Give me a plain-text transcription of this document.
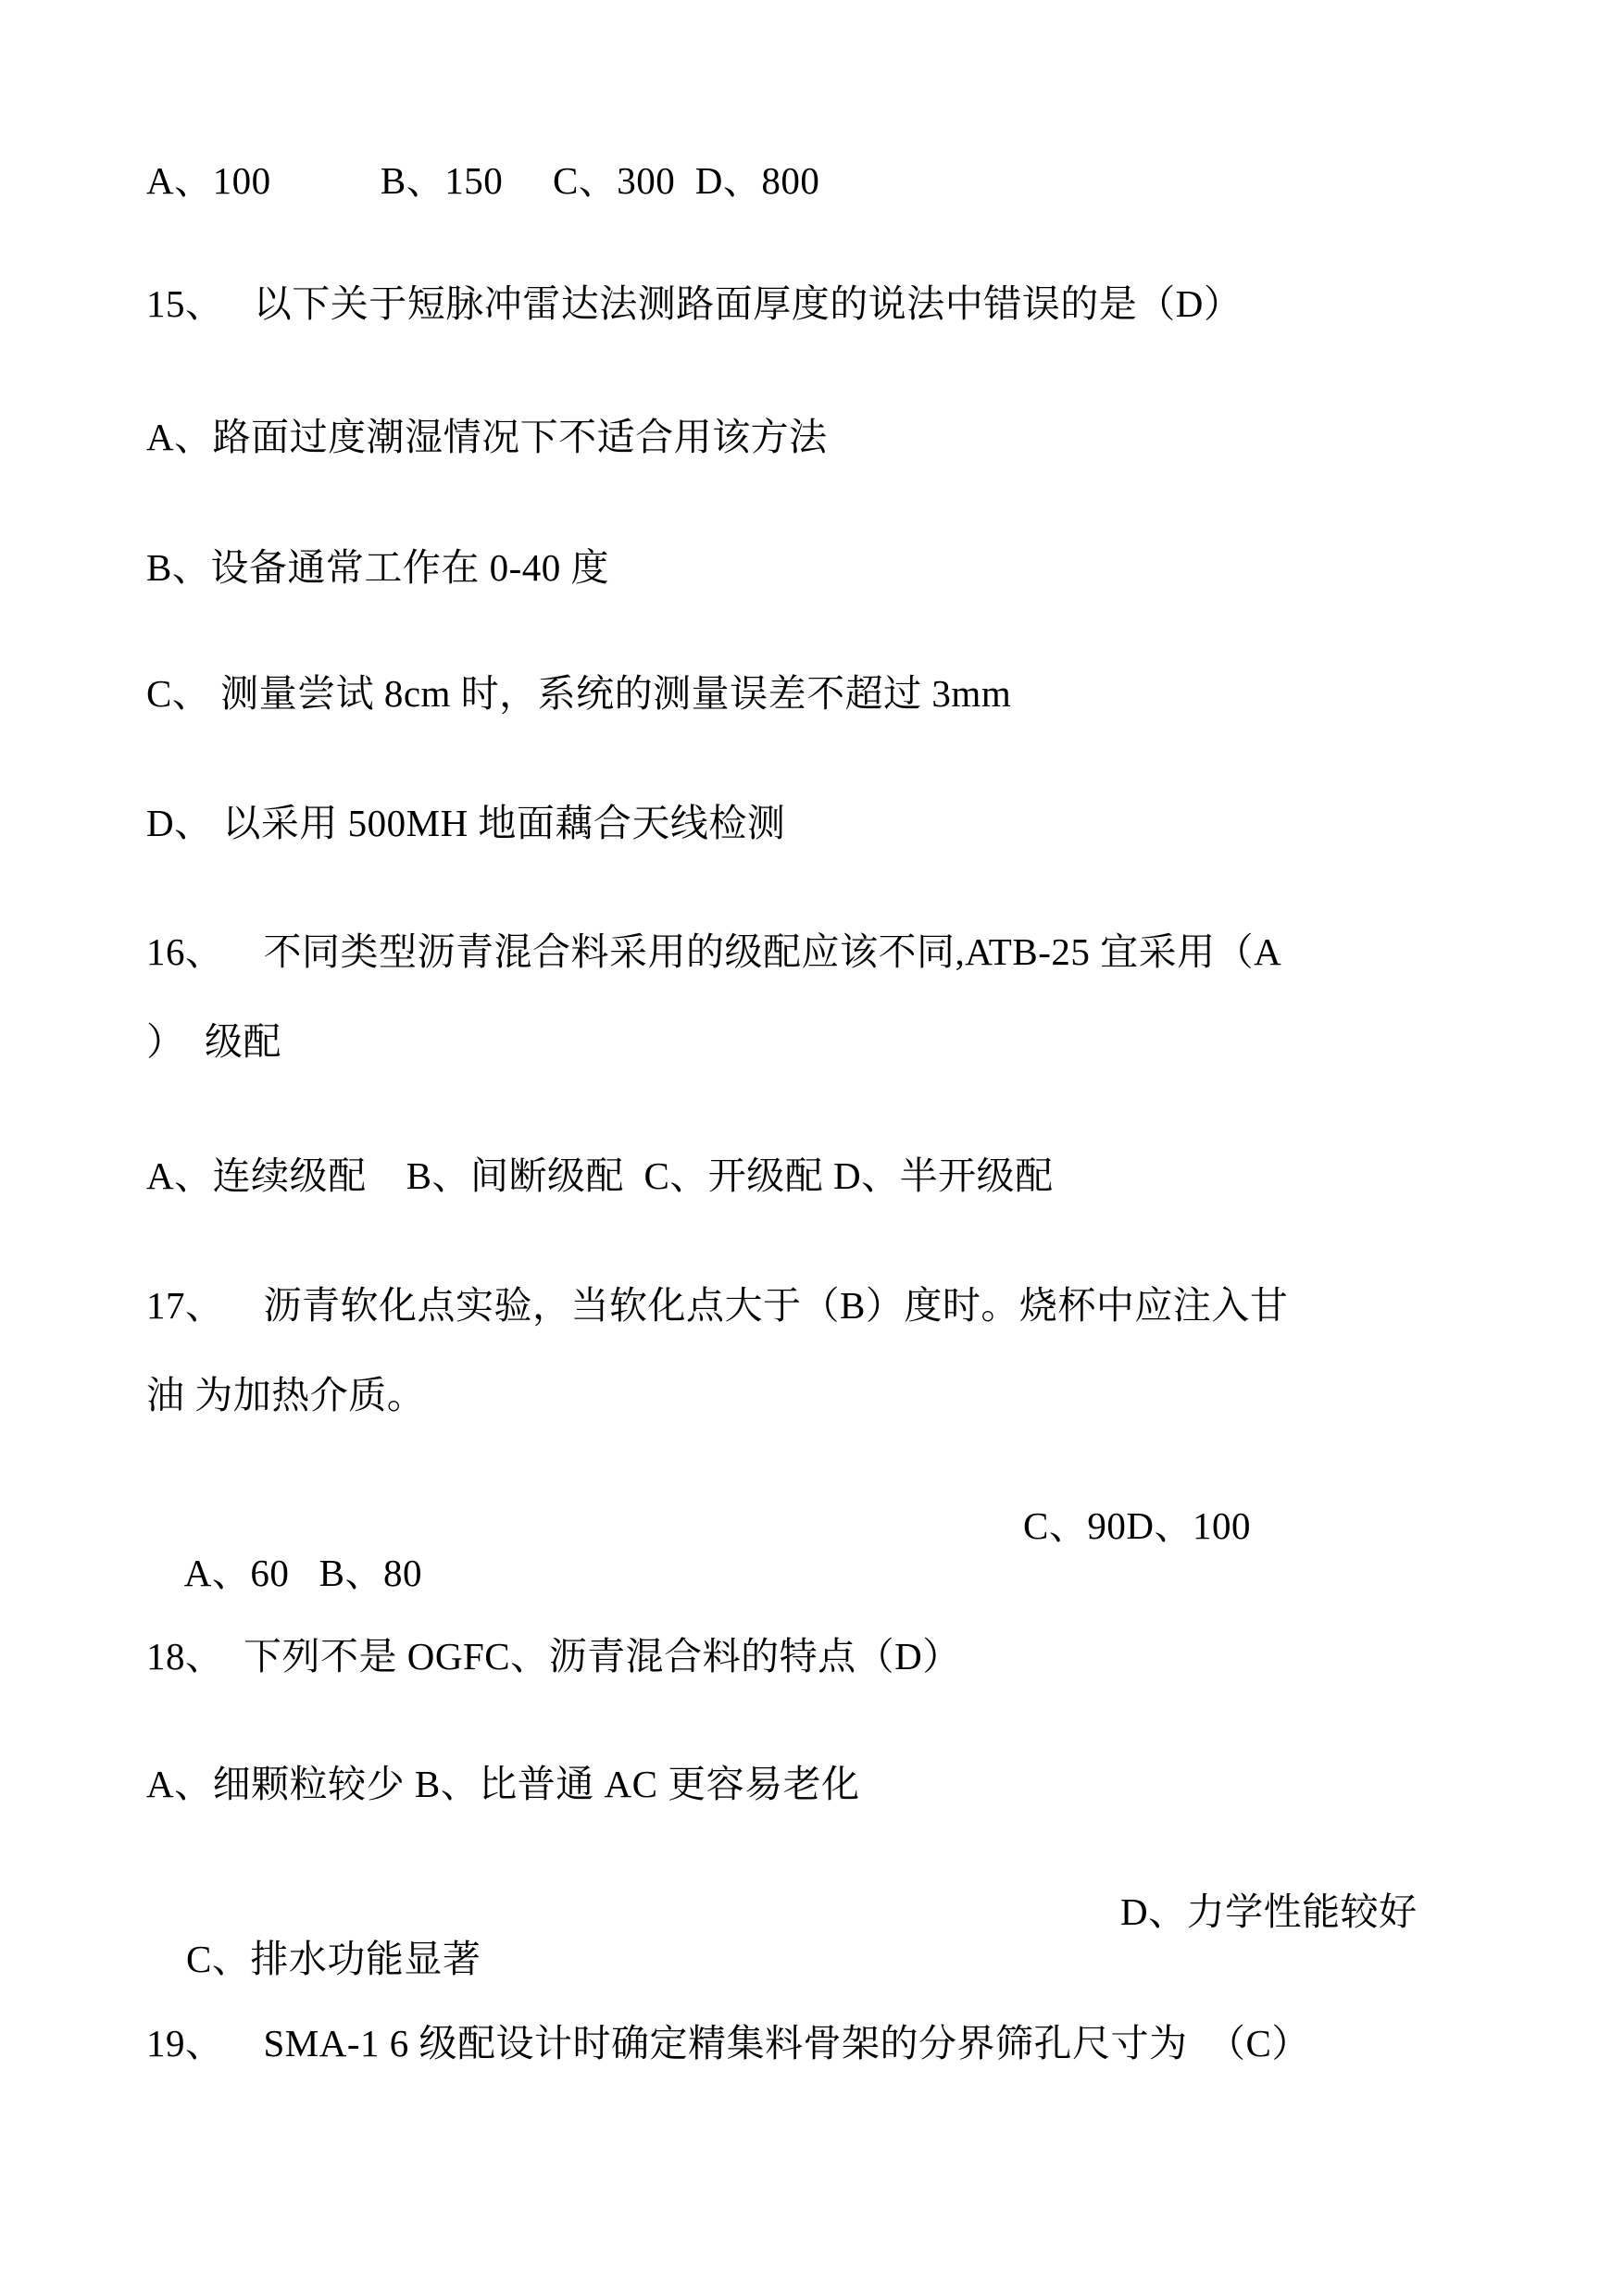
A、100           B、150     C、300  D、800
15、   以下关于短脉冲雷达法测路面厚度的说法中错误的是（D）
A、路面过度潮湿情况下不适合用该方法
B、设备通常工作在 0-40 度
C、 测量尝试 8cm 时，系统的测量误差不超过 3mm
D、 以采用 500MH 地面藕合天线检测
16、    不同类型沥青混合料采用的级配应该不同,ATB-25 宜采用（A
）  级配
A、连续级配    B、间断级配  C、开级配 D、半开级配
17、    沥青软化点实验，当软化点大于（B）度时。烧杯中应注入甘
油 为加热介质。

A、60   B、80

C、90D、100

18、  下列不是 OGFC、沥青混合料的特点（D）
A、细颗粒较少 B、比普通 AC 更容易老化

C、排水功能显著

D、力学性能较好

19、    SMA-1 6 级配设计时确定精集料骨架的分界筛孔尺寸为  （C）
